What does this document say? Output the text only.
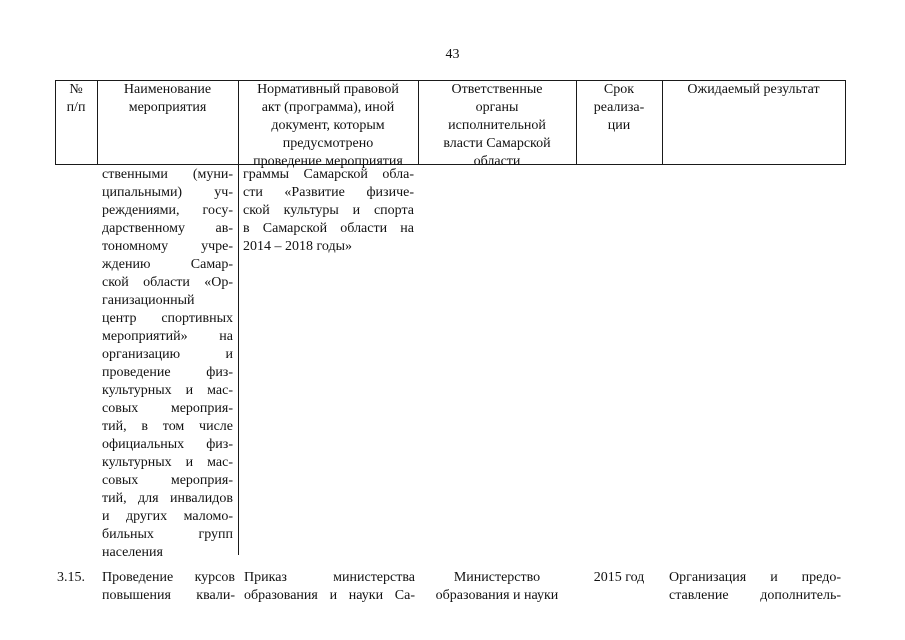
43
№
п/п
Наименование
мероприятия
Нормативный правовой
акт (программа), иной
документ, которым
предусмотрено
проведение мероприятия
Ответственные
органы
исполнительной
власти Самарской
области
Срок
реализа-
ции
Ожидаемый результат
ственными (муни-
ципальными) уч-
реждениями, госу-
дарственному ав-
тономному учре-
ждению Самар-
ской области «Ор-
ганизационный
центр спортивных
мероприятий» на
организацию и
проведение физ-
культурных и мас-
совых мероприя-
тий, в том числе
официальных физ-
культурных и мас-
совых мероприя-
тий, для инвалидов
и других маломо-
бильных групп
населения
граммы Самарской обла-
сти «Развитие физиче-
ской культуры и спорта
в Самарской области на
2014 – 2018 годы»
3.15.	Проведение курсов
повышения квали-
Приказ министерства
образования и науки Са-
Министерство
образования и науки
2015 год	Организация и предо-
ставление дополнитель-
